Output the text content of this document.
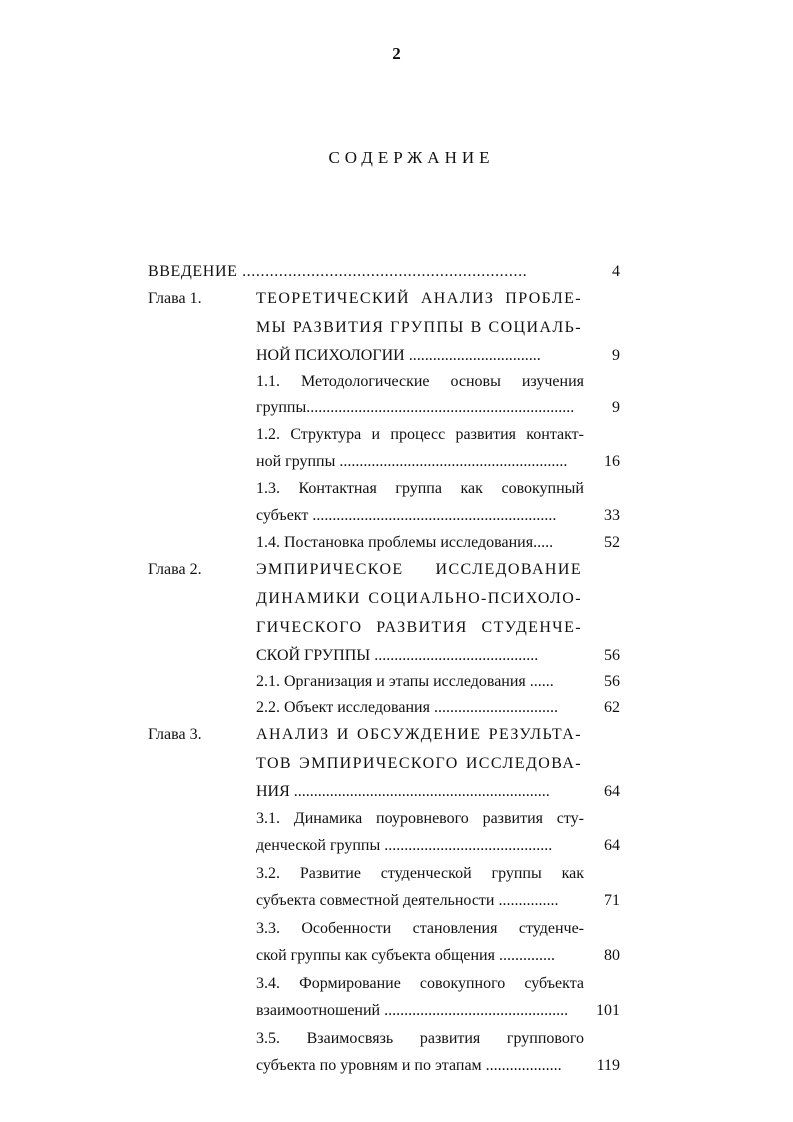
2
СОДЕРЖАНИЕ
ВВЕДЕНИЕ ..............................................................	4
Глава 1.	ТЕОРЕТИЧЕСКИЙ АНАЛИЗ ПРОБЛЕ-
МЫ РАЗВИТИЯ ГРУППЫ В СОЦИАЛЬ-
НОЙ ПСИХОЛОГИИ .................................	9
1.1. Методологические основы изучения
группы...................................................................	9
1.2. Структура и процесс развития контакт-
ной группы .........................................................	16
1.3. Контактная группа как совокупный
субъект .............................................................	33
1.4. Постановка проблемы исследования.....	52
Глава 2.	ЭМПИРИЧЕСКОЕ ИССЛЕДОВАНИЕ
ДИНАМИКИ СОЦИАЛЬНО-ПСИХОЛО-
ГИЧЕСКОГО РАЗВИТИЯ СТУДЕНЧЕ-
СКОЙ ГРУППЫ .........................................	56
2.1. Организация и этапы исследования ......	56
2.2. Объект исследования ...............................	62
Глава 3.	АНАЛИЗ И ОБСУЖДЕНИЕ РЕЗУЛЬТА-
ТОВ ЭМПИРИЧЕСКОГО ИССЛЕДОВА-
НИЯ ................................................................	64
3.1. Динамика поуровневого развития сту-
денческой группы ..........................................	64
3.2. Развитие студенческой группы как
субъекта совместной деятельности ...............	71
3.3. Особенности становления студенче-
ской группы как субъекта общения ..............	80
3.4. Формирование совокупного субъекта
взаимоотношений ..............................................	101
3.5. Взаимосвязь развития группового
субъекта по уровням и по этапам ...................	119
